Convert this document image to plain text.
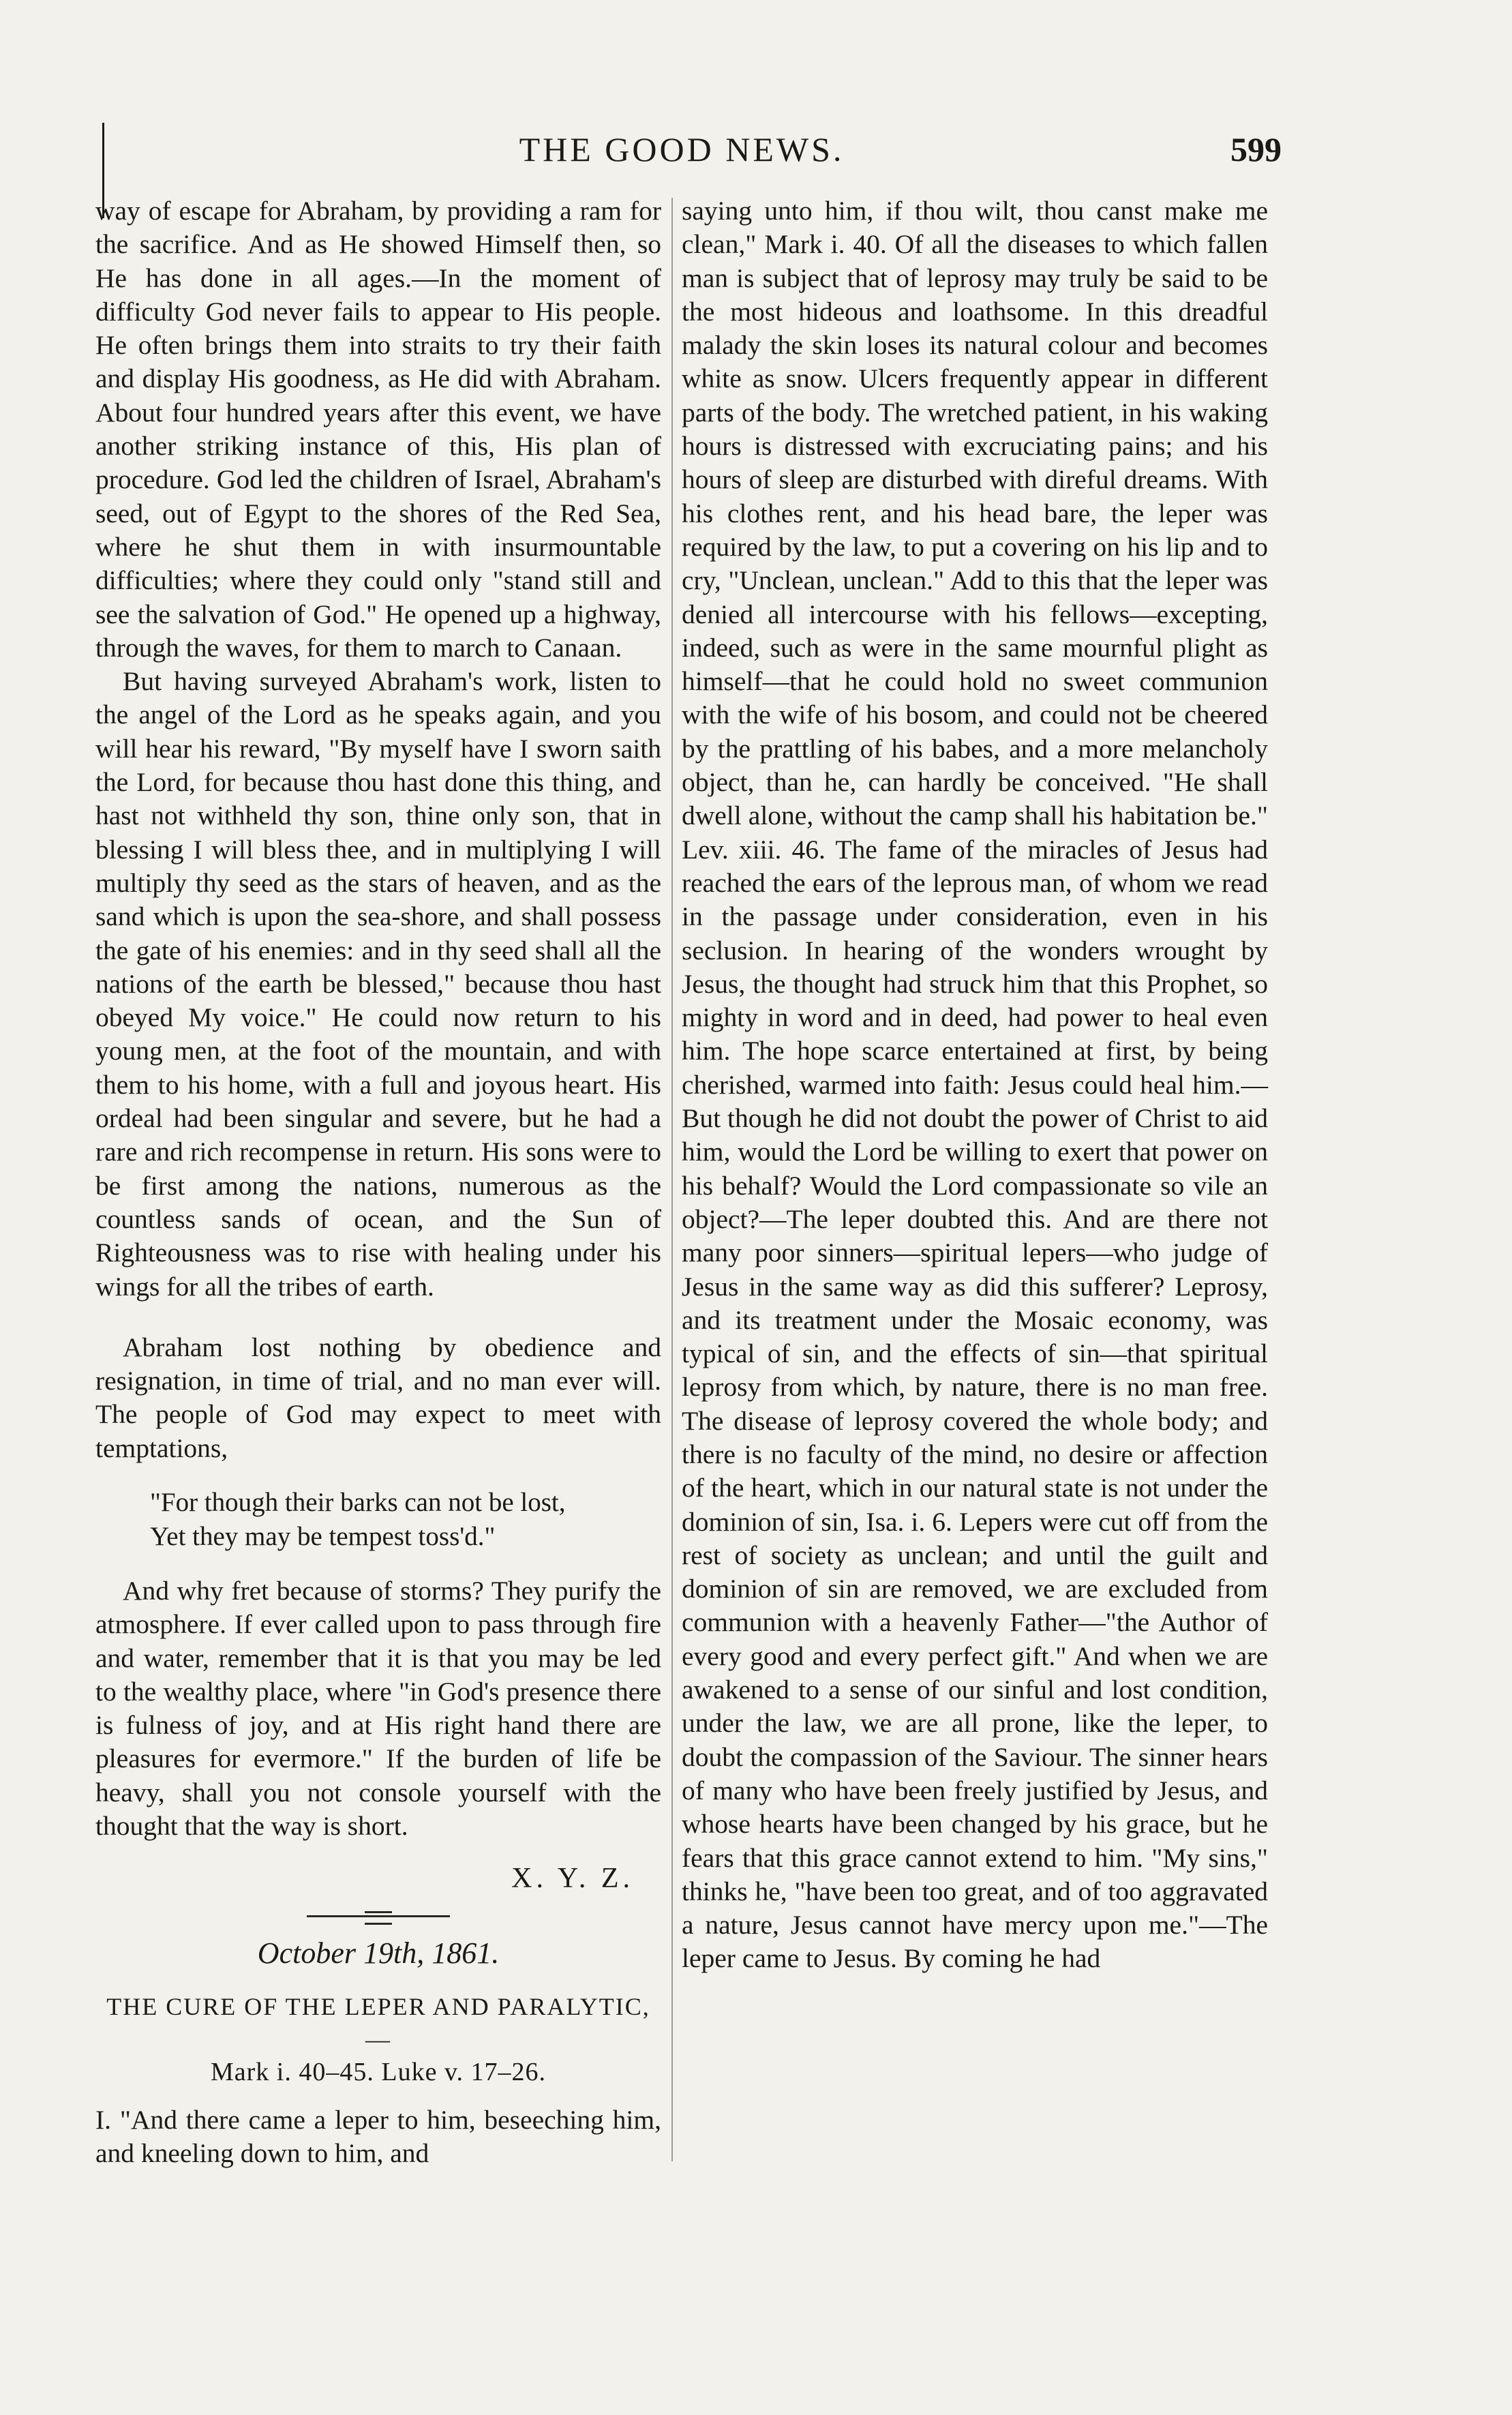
THE GOOD NEWS.	599

way of escape for Abraham, by providing a ram for the sacrifice. And as He showed Himself then, so He has done in all ages.—In the moment of difficulty God never fails to appear to His people. He often brings them into straits to try their faith and display His goodness, as He did with Abraham. About four hundred years after this event, we have another striking instance of this, His plan of procedure. God led the children of Israel, Abraham's seed, out of Egypt to the shores of the Red Sea, where he shut them in with insurmountable difficulties; where they could only "stand still and see the salvation of God." He opened up a highway, through the waves, for them to march to Canaan.

But having surveyed Abraham's work, listen to the angel of the Lord as he speaks again, and you will hear his reward, "By myself have I sworn saith the Lord, for because thou hast done this thing, and hast not withheld thy son, thine only son, that in blessing I will bless thee, and in multiplying I will multiply thy seed as the stars of heaven, and as the sand which is upon the sea-shore, and shall possess the gate of his enemies: and in thy seed shall all the nations of the earth be blessed," because thou hast obeyed My voice." He could now return to his young men, at the foot of the mountain, and with them to his home, with a full and joyous heart. His ordeal had been singular and severe, but he had a rare and rich recompense in return. His sons were to be first among the nations, numerous as the countless sands of ocean, and the Sun of Righteousness was to rise with healing under his wings for all the tribes of earth.

Abraham lost nothing by obedience and resignation, in time of trial, and no man ever will. The people of God may expect to meet with temptations,

"For though their barks can not be lost,
Yet they may be tempest toss'd."

And why fret because of storms? They purify the atmosphere. If ever called upon to pass through fire and water, remember that it is that you may be led to the wealthy place, where "in God's presence there is fulness of joy, and at His right hand there are pleasures for evermore." If the burden of life be heavy, shall you not console yourself with the thought that the way is short.

X. Y. Z.
October 19th, 1861.
THE CURE OF THE LEPER AND PARALYTIC,—
Mark i. 40–45. Luke v. 17–26.

I. "And there came a leper to him, beseeching him, and kneeling down to him, and

saying unto him, if thou wilt, thou canst make me clean," Mark i. 40. Of all the diseases to which fallen man is subject that of leprosy may truly be said to be the most hideous and loathsome. In this dreadful malady the skin loses its natural colour and becomes white as snow. Ulcers frequently appear in different parts of the body. The wretched patient, in his waking hours is distressed with excruciating pains; and his hours of sleep are disturbed with direful dreams. With his clothes rent, and his head bare, the leper was required by the law, to put a covering on his lip and to cry, "Unclean, unclean." Add to this that the leper was denied all intercourse with his fellows—excepting, indeed, such as were in the same mournful plight as himself—that he could hold no sweet communion with the wife of his bosom, and could not be cheered by the prattling of his babes, and a more melancholy object, than he, can hardly be conceived. "He shall dwell alone, without the camp shall his habitation be." Lev. xiii. 46. The fame of the miracles of Jesus had reached the ears of the leprous man, of whom we read in the passage under consideration, even in his seclusion. In hearing of the wonders wrought by Jesus, the thought had struck him that this Prophet, so mighty in word and in deed, had power to heal even him. The hope scarce entertained at first, by being cherished, warmed into faith: Jesus could heal him.—But though he did not doubt the power of Christ to aid him, would the Lord be willing to exert that power on his behalf? Would the Lord compassionate so vile an object?—The leper doubted this. And are there not many poor sinners—spiritual lepers—who judge of Jesus in the same way as did this sufferer? Leprosy, and its treatment under the Mosaic economy, was typical of sin, and the effects of sin—that spiritual leprosy from which, by nature, there is no man free. The disease of leprosy covered the whole body; and there is no faculty of the mind, no desire or affection of the heart, which in our natural state is not under the dominion of sin, Isa. i. 6. Lepers were cut off from the rest of society as unclean; and until the guilt and dominion of sin are removed, we are excluded from communion with a heavenly Father—"the Author of every good and every perfect gift." And when we are awakened to a sense of our sinful and lost condition, under the law, we are all prone, like the leper, to doubt the compassion of the Saviour. The sinner hears of many who have been freely justified by Jesus, and whose hearts have been changed by his grace, but he fears that this grace cannot extend to him. "My sins," thinks he, "have been too great, and of too aggravated a nature, Jesus cannot have mercy upon me."—The leper came to Jesus. By coming he had
